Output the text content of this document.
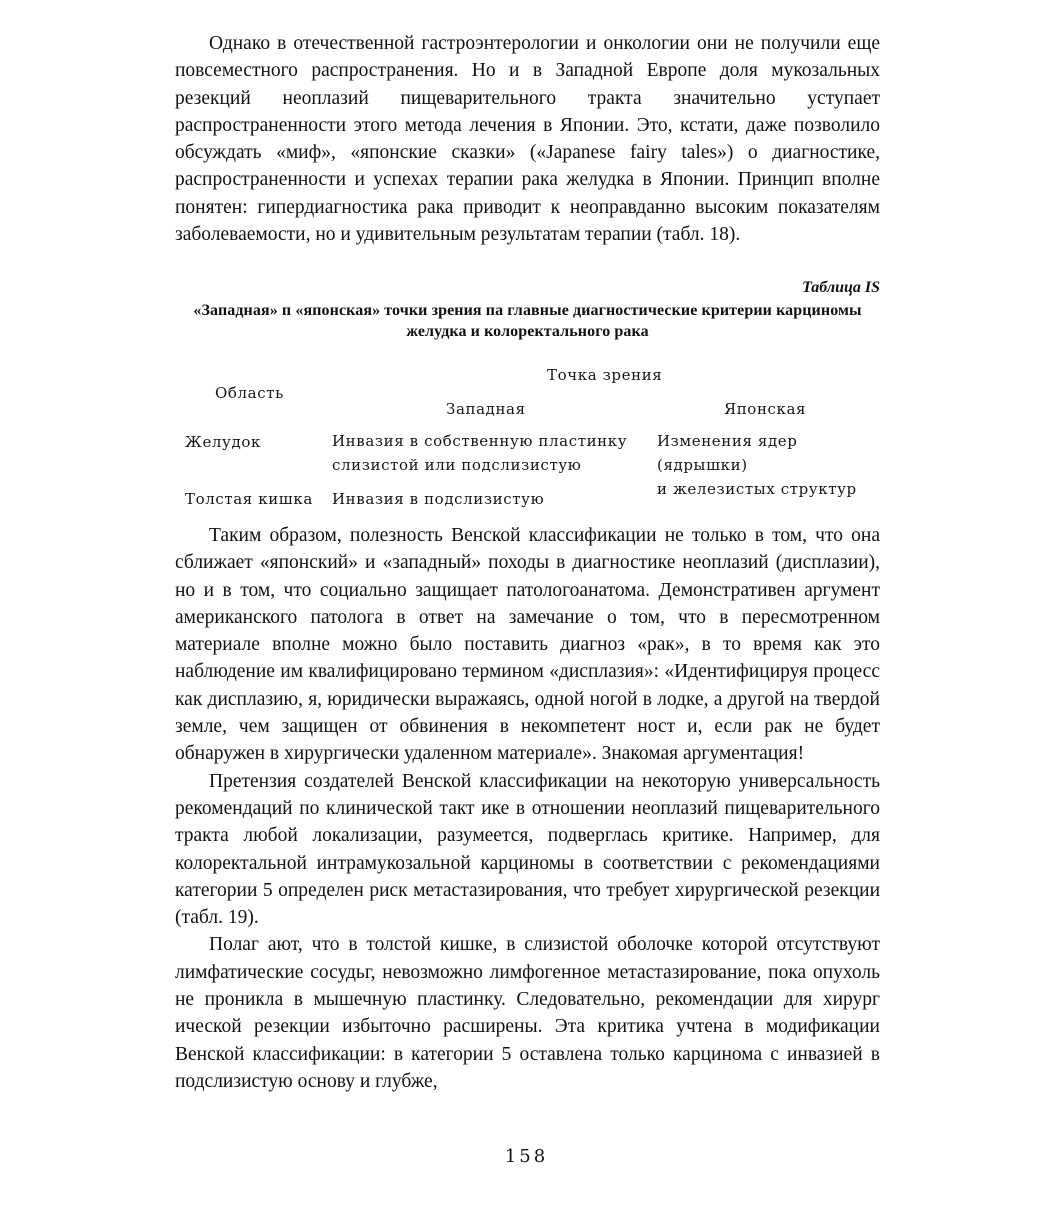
Однако в отечественной гастроэнтерологии и онкологии они не получили еще повсеместного распространения. Но и в Западной Европе доля мукозальных резекций неоплазий пищеварительного тракта значительно уступает распространенности этого метода лечения в Японии. Это, кстати, даже позволило обсуждать «миф», «японские сказки» («Japanese fairy tales») о диагностике, распространенности и успехах терапии рака желудка в Японии. Принцип вполне понятен: гипердиагностика рака приводит к неоправданно высоким показателям заболеваемости, но и удивительным результатам терапии (табл. 18).

Таблица IS
«Западная» п «японская» точки зрения па главные диагностические критерии карциномы желудка и колоректального рака
Область
Точка зрения
Западная	Японская
Желудок	Инвазия в собственную пластинку
слизистой или подслизистую
Толстая кишка Инвазия в подслизистую
Изменения ядер
(ядрышки)
и железистых структур

Таким образом, полезность Венской классификации не только в том, что она сближает «японский» и «западный» походы в диагностике неоплазий (дисплазии), но и в том, что социально защищает патологоанатома. Демонстративен аргумент американского патолога в ответ на замечание о том, что в пересмотренном материале вполне можно было поставить диагноз «рак», в то время как это наблюдение им квалифицировано термином «дисплазия»: «Идентифицируя процесс как дисплазию, я, юридически выражаясь, одной ногой в лодке, а другой на твердой земле, чем защищен от обвинения в некомпетент ност и, если рак не будет обнаружен в хирургически удаленном материале». Знакомая аргументация!

Претензия создателей Венской классификации на некоторую универсальность рекомендаций по клинической такт ике в отношении неоплазий пищеварительного тракта любой локализации, разумеется, подверглась критике. Например, для колоректальной интрамукозальной карциномы в соответствии с рекомендациями категории 5 определен риск метастазирования, что требует хирургической резекции (табл. 19).

Полаг ают, что в толстой кишке, в слизистой оболочке которой отсутствуют лимфатические сосудьг, невозможно лимфогенное метастазирование, пока опухоль не проникла в мышечную пластинку. Следовательно, рекомендации для хирург ической резекции избыточно расширены. Эта критика учтена в модификации Венской классификации: в категории 5 оставлена только карцинома с инвазией в подслизистую основу и глубже,

158
